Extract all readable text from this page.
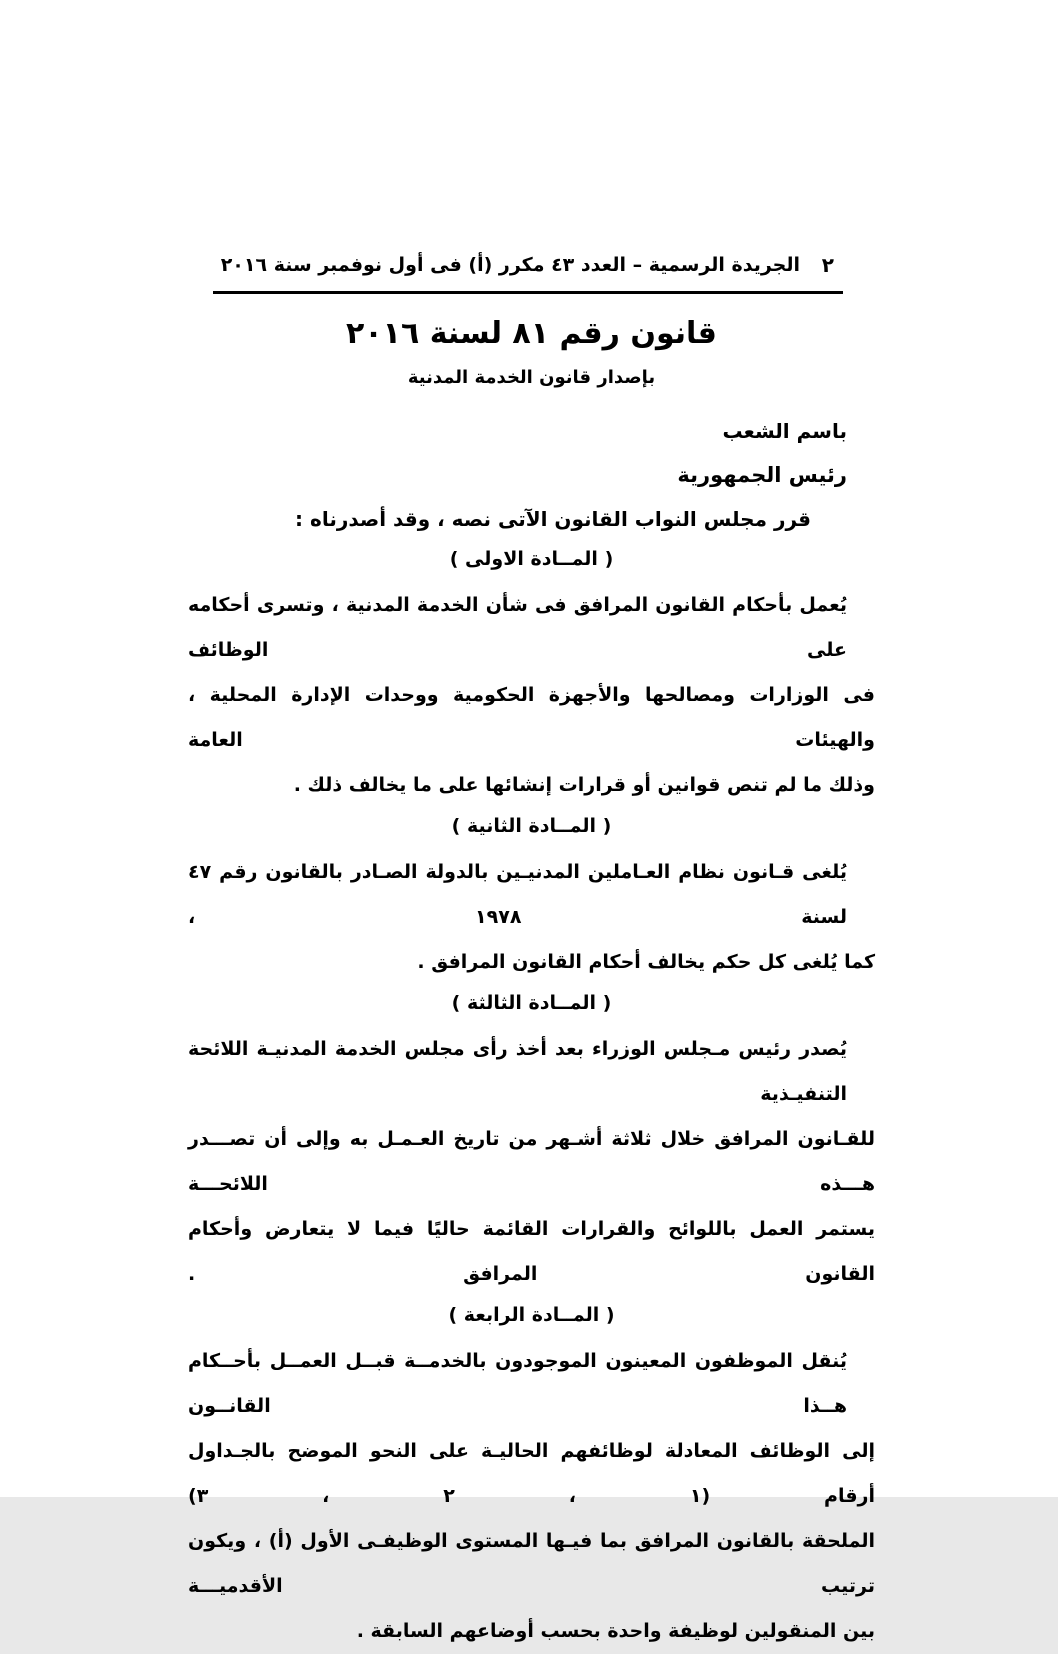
الجريدة الرسمية – العدد ٤٣ مكرر (أ) فى أول نوفمبر سنة ٢٠١٦ ٢
قانون رقم ٨١ لسنة ٢٠١٦
بإصدار قانون الخدمة المدنية
باسم الشعب
رئيس الجمهورية
قرر مجلس النواب القانون الآتى نصه ، وقد أصدرناه :
( المــادة الاولى )
يُعمل بأحكام القانون المرافق فى شأن الخدمة المدنية ، وتسرى أحكامه على الوظائف
فى الوزارات ومصالحها والأجهزة الحكومية ووحدات الإدارة المحلية ، والهيئات العامة
وذلك ما لم تنص قوانين أو قرارات إنشائها على ما يخالف ذلك .
( المــادة الثانية )
يُلغى قـانون نظام العـاملين المدنيـين بالدولة الصـادر بالقانون رقم ٤٧ لسنة ١٩٧٨ ،
كما يُلغى كل حكم يخالف أحكام القانون المرافق .
( المــادة الثالثة )
يُصدر رئيس مـجلس الوزراء بعد أخذ رأى مجلس الخدمة المدنيـة اللائحة التنفيـذية
للقـانون المرافق خلال ثلاثة أشـهر من تاريخ العـمـل به وإلى أن تصـــدر هـــذه اللائحـــة
يستمر العمل باللوائح والقرارات القائمة حاليًا فيما لا يتعارض وأحكام القانون المرافق .
( المــادة الرابعة )
يُنقل الموظفون المعينون الموجودون بالخدمــة قبــل العمــل بأحــكام هــذا القانــون
إلى الوظائف المعادلة لوظائفهم الحاليـة على النحو الموضح بالجـداول أرقام (١ ، ٢ ، ٣)
الملحقة بالقانون المرافق بما فيـها المستوى الوظيفـى الأول (أ) ، ويكون ترتيب الأقدميـــة
بين المنقولين لوظيفة واحدة بحسب أوضاعهم السابقة .
